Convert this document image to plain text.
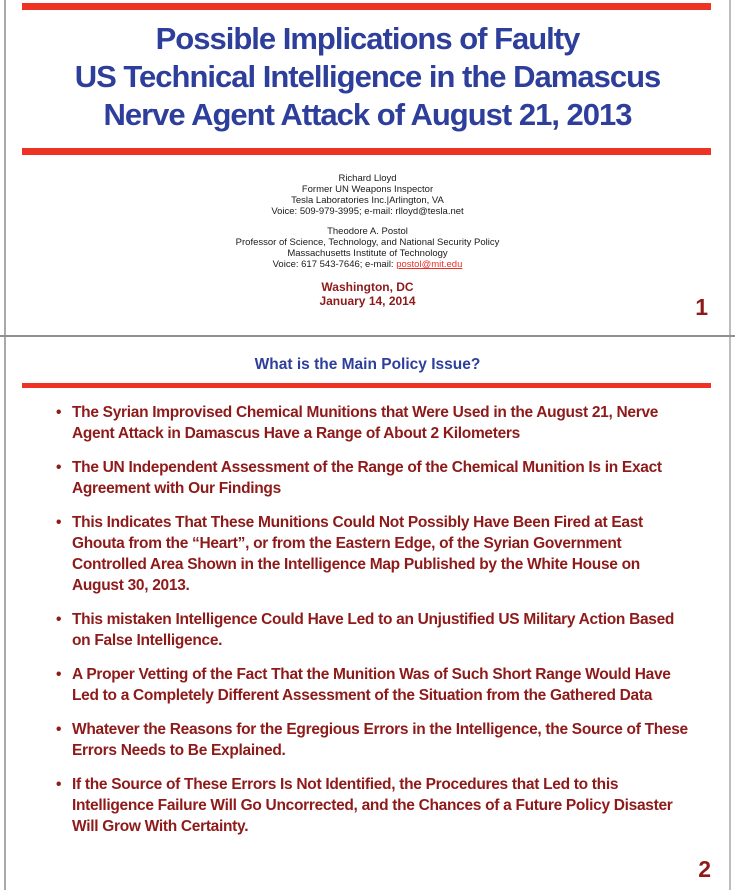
Possible Implications of Faulty
US Technical Intelligence in the Damascus
Nerve Agent Attack of August 21, 2013
Richard Lloyd
Former UN Weapons Inspector
Tesla Laboratories Inc.|Arlington, VA
Voice: 509-979-3995; e-mail: rlloyd@tesla.net
Theodore A. Postol
Professor of Science, Technology, and National Security Policy
Massachusetts Institute of Technology
Voice: 617 543-7646; e-mail: postol@mit.edu
Washington, DC
January 14, 2014	1
What is the Main Policy Issue?
• The Syrian Improvised Chemical Munitions that Were Used in the August 21, Nerve Agent Attack in Damascus Have a Range of About 2 Kilometers
• The UN Independent Assessment of the Range of the Chemical Munition Is in Exact Agreement with Our Findings
• This Indicates That These Munitions Could Not Possibly Have Been Fired at East Ghouta from the “Heart”, or from the Eastern Edge, of the Syrian Government Controlled Area Shown in the Intelligence Map Published by the White House on August 30, 2013.
• This mistaken Intelligence Could Have Led to an Unjustified US Military Action Based on False Intelligence.
• A Proper Vetting of the Fact That the Munition Was of Such Short Range Would Have Led to a Completely Different Assessment of the Situation from the Gathered Data
• Whatever the Reasons for the Egregious Errors in the Intelligence, the Source of These Errors Needs to Be Explained.
• If the Source of These Errors Is Not Identified, the Procedures that Led to this Intelligence Failure Will Go Uncorrected, and the Chances of a Future Policy Disaster Will Grow With Certainty.
2
